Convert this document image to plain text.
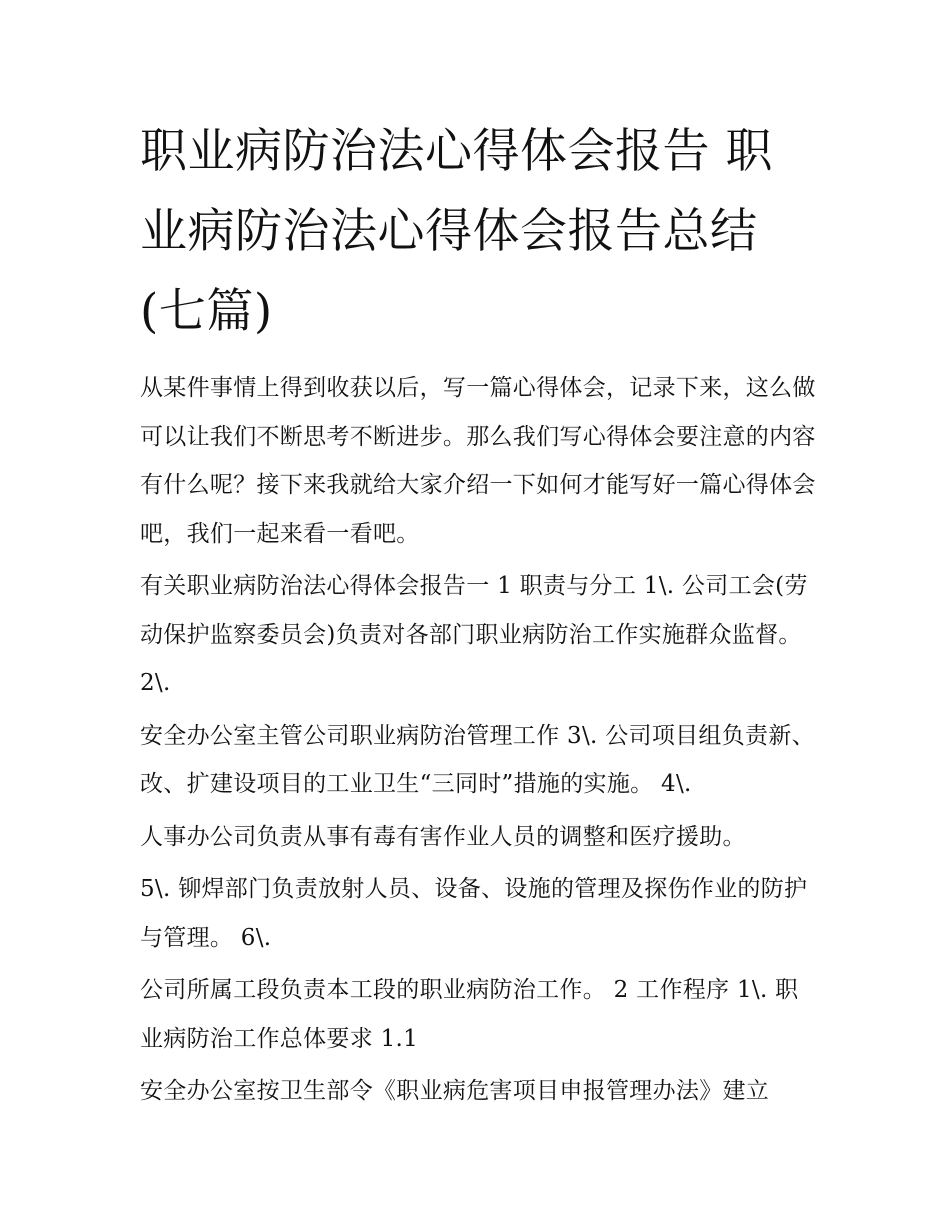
职业病防治法心得体会报告 职业病防治法心得体会报告总结(七篇)

从某件事情上得到收获以后，写一篇心得体会，记录下来，这么做可以让我们不断思考不断进步。那么我们写心得体会要注意的内容有什么呢？接下来我就给大家介绍一下如何才能写好一篇心得体会吧，我们一起来看一看吧。

有关职业病防治法心得体会报告一 1 职责与分工 1\. 公司工会(劳动保护监察委员会)负责对各部门职业病防治工作实施群众监督。 2\.

安全办公室主管公司职业病防治管理工作 3\. 公司项目组负责新、改、扩建设项目的工业卫生“三同时”措施的实施。 4\.

人事办公司负责从事有毒有害作业人员的调整和医疗援助。

5\. 铆焊部门负责放射人员、设备、设施的管理及探伤作业的防护与管理。 6\.

公司所属工段负责本工段的职业病防治工作。 2 工作程序 1\. 职业病防治工作总体要求 1.1

安全办公室按卫生部令《职业病危害项目申报管理办法》建立
